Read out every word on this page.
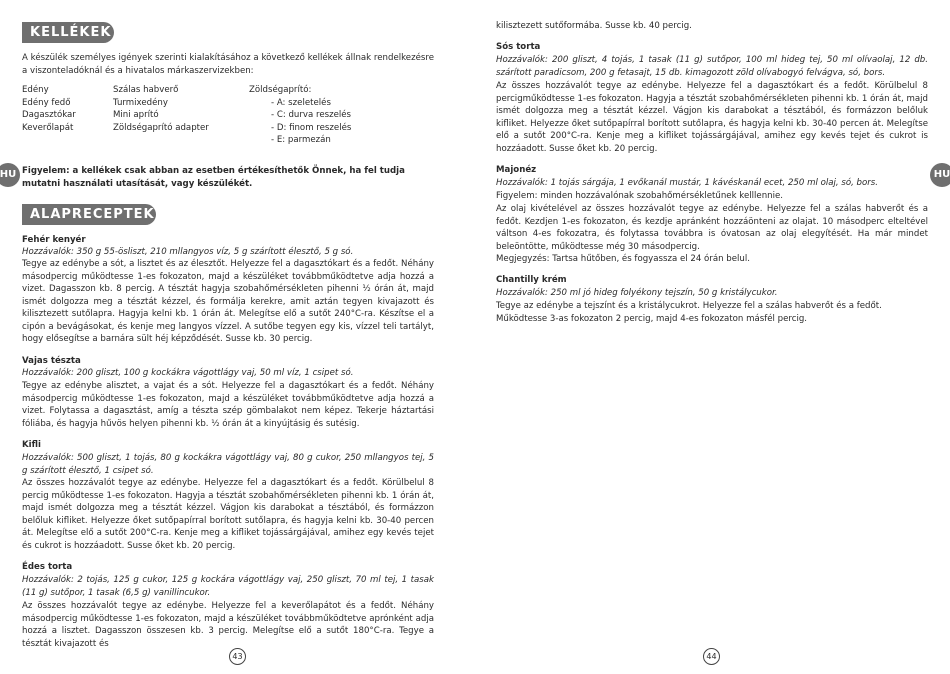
KELLÉKEK
A készülék személyes igények szerinti kialakításához a következő kellékek állnak rendelkezésre a viszonteladóknál és a hivatalos márkaszervizekben:
Edény
Edény fedő
Dagasztókar
Keverőlapát
Szálas habverő
Turmixedény
Mini aprító
Zöldségaprító adapter
Zöldségaprító:
- A: szeletelés
- C: durva reszelés
- D: finom reszelés
- E: parmezán
Figyelem: a kellékek csak abban az esetben értékesíthetők Önnek, ha fel tudja mutatni használati utasítását, vagy készülékét.
ALAPRECEPTEK
Fehér kenyér
Hozzávalók: 350 g 55-ösliszt, 210 mllangyos víz, 5 g szárított élesztő, 5 g só.
Tegye az edénybe a sót, a lisztet és az élesztőt. Helyezze fel a dagasztókart és a fedőt. Néhány másodpercig működtesse 1-es fokozaton, majd a készüléket továbbműködtetve adja hozzá a vizet. Dagasszon kb. 8 percig. A tésztát hagyja szobahőmérsékleten pihenni ½ órán át, majd ismét dolgozza meg a tésztát kézzel, és formálja kerekre, amit aztán tegyen kivajazott és kilisztezett sutőlapra. Hagyja kelni kb. 1 órán át. Melegítse elő a sutőt 240°C-ra. Készítse el a cipón a bevágásokat, és kenje meg langyos vízzel. A sutőbe tegyen egy kis, vízzel teli tartályt, hogy elősegítse a barnára sült héj képződését. Susse kb. 30 percig.
Vajas tészta
Hozzávalók: 200 gliszt, 100 g kockákra vágottlágy vaj, 50 ml víz, 1 csipet só.
Tegye az edénybe alisztet, a vajat és a sót. Helyezze fel a dagasztókart és a fedőt. Néhány másodpercig működtesse 1-es fokozaton, majd a készüléket továbbműködtetve adja hozzá a vizet. Folytassa a dagasztást, amíg a tészta szép gömbalakot nem képez. Tekerje háztartási fóliába, és hagyja hűvös helyen pihenni kb. ½ órán át a kinyújtásig és sutésig.
Kifli
Hozzávalók: 500 gliszt, 1 tojás, 80 g kockákra vágottlágy vaj, 80 g cukor, 250 mllangyos tej, 5 g szárított élesztő, 1 csipet só.
Az összes hozzávalót tegye az edénybe. Helyezze fel a dagasztókart és a fedőt. Körülbelul 8 percig működtesse 1-es fokozaton. Hagyja a tésztát szobahőmérsékleten pihenni kb. 1 órán át, majd ismét dolgozza meg a tésztát kézzel. Vágjon kis darabokat a tésztából, és formázzon belőluk kifliket. Helyezze őket sutőpapírral borított sutőlapra, és hagyja kelni kb. 30-40 percen át. Melegítse elő a sutőt 200°C-ra. Kenje meg a kifliket tojássárgájával, amihez egy kevés tejet és cukrot is hozzáadott. Susse őket kb. 20 percig.
Édes torta
Hozzávalók: 2 tojás, 125 g cukor, 125 g kockára vágottlágy vaj, 250 gliszt, 70 ml tej, 1 tasak (11 g) sutőpor, 1 tasak (6,5 g) vanillincukor.
Az összes hozzávalót tegye az edénybe. Helyezze fel a keverőlapátot és a fedőt. Néhány másodpercig működtesse 1-es fokozaton, majd a készüléket továbbműködtetve aprónként adja hozzá a lisztet. Dagasszon összesen kb. 3 percig. Melegítse elő a sutőt 180°C-ra. Tegye a tésztát kivajazott és
43
HU	HU
kilisztezett sutőformába. Susse kb. 40 percig.
Sós torta
Hozzávalók: 200 gliszt, 4 tojás, 1 tasak (11 g) sutőpor, 100 ml hideg tej, 50 ml olívaolaj, 12 db. szárított paradicsom, 200 g fetasajt, 15 db. kimagozott zöld olívabogyó felvágva, só, bors.
Az összes hozzávalót tegye az edénybe. Helyezze fel a dagasztókart és a fedőt. Körülbelul 8 percigműködtesse 1-es fokozaton. Hagyja a tésztát szobahőmérsékleten pihenni kb. 1 órán át, majd ismét dolgozza meg a tésztát kézzel. Vágjon kis darabokat a tésztából, és formázzon belőluk kifliket. Helyezze őket sutőpapírral borított sutőlapra, és hagyja kelni kb. 30-40 percen át. Melegítse elő a sutőt 200°C-ra. Kenje meg a kifliket tojássárgájával, amihez egy kevés tejet és cukrot is hozzáadott. Susse őket kb. 20 percig.
Majonéz
Hozzávalók: 1 tojás sárgája, 1 evőkanál mustár, 1 kávéskanál ecet, 250 ml olaj, só, bors.
Figyelem: minden hozzávalónak szobahőmérsékletűnek kelllennie.
Az olaj kivételével az összes hozzávalót tegye az edénybe. Helyezze fel a szálas habverőt és a fedőt. Kezdjen 1-es fokozaton, és kezdje apránként hozzáönteni az olajat. 10 másodperc elteltével váltson 4-es fokozatra, és folytassa továbbra is óvatosan az olaj elegyítését. Ha már mindet beleöntötte, működtesse még 30 másodpercig.
Megjegyzés: Tartsa hűtőben, és fogyassza el 24 órán belul.
Chantilly krém
Hozzávalók: 250 ml jó hideg folyékony tejszín, 50 g kristálycukor.
Tegye az edénybe a tejszínt és a kristálycukrot. Helyezze fel a szálas habverőt és a fedőt.
Működtesse 3-as fokozaton 2 percig, majd 4-es fokozaton másfél percig.
44
